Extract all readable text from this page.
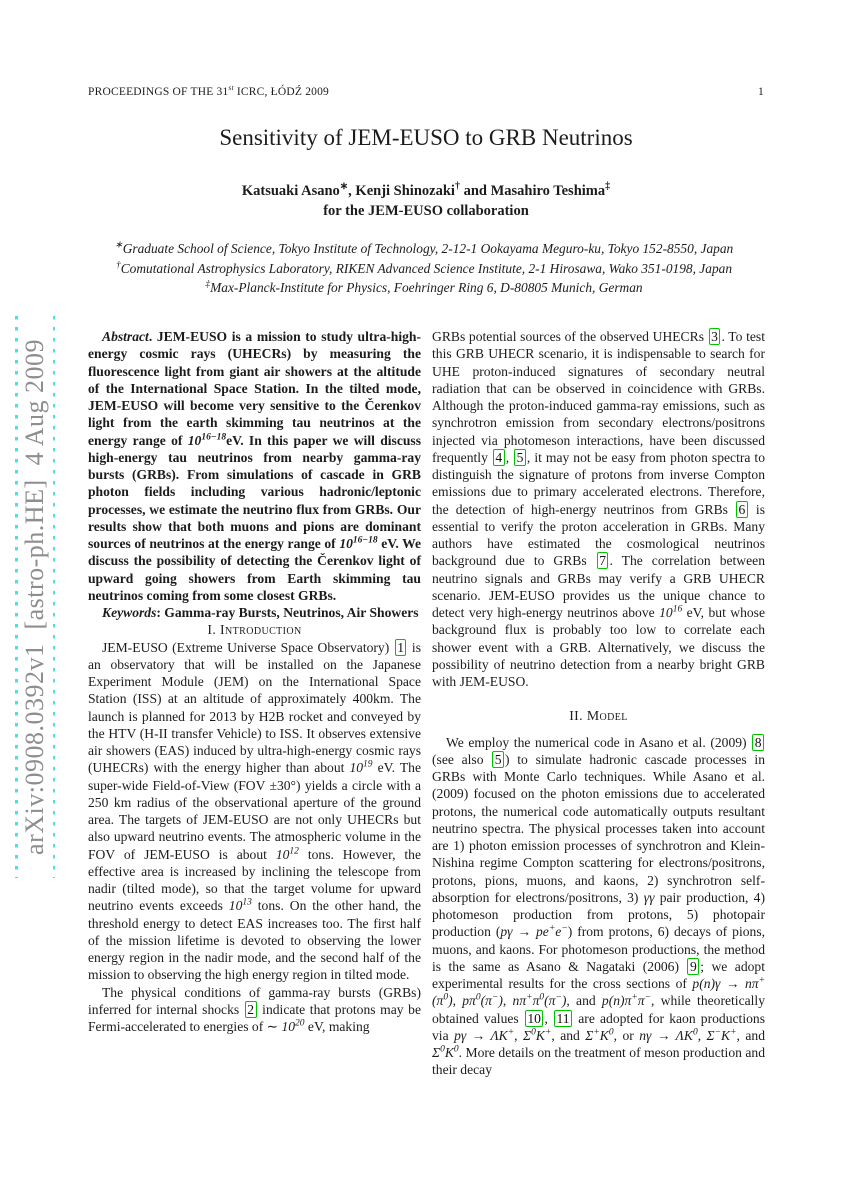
arXiv:0908.0392v1  [astro-ph.HE]  4 Aug 2009
PROCEEDINGS OF THE 31st ICRC, ŁÓDŹ 2009	1
Sensitivity of JEM-EUSO to GRB Neutrinos
Katsuaki Asano∗, Kenji Shinozaki† and Masahiro Teshima‡
for the JEM-EUSO collaboration
∗Graduate School of Science, Tokyo Institute of Technology, 2-12-1 Ookayama Meguro-ku, Tokyo 152-8550, Japan
†Comutational Astrophysics Laboratory, RIKEN Advanced Science Institute, 2-1 Hirosawa, Wako 351-0198, Japan
‡Max-Planck-Institute for Physics, Foehringer Ring 6, D-80805 Munich, German

Abstract. JEM-EUSO is a mission to study ultra-high-energy cosmic rays (UHECRs) by measuring the fluorescence light from giant air showers at the altitude of the International Space Station. In the tilted mode, JEM-EUSO will become very sensitive to the Čerenkov light from the earth skimming tau neutrinos at the energy range of $10^{16-18}eV$. In this paper we will discuss high-energy tau neutrinos from nearby gamma-ray bursts (GRBs). From simulations of cascade in GRB photon fields including various hadronic/leptonic processes, we estimate the neutrino flux from GRBs. Our results show that both muons and pions are dominant sources of neutrinos at the energy range of $10^{16-18}$ eV. We discuss the possibility of detecting the Čerenkov light of upward going showers from Earth skimming tau neutrinos coming from some closest GRBs.

Keywords: Gamma-ray Bursts, Neutrinos, Air Showers

I. Introduction

JEM-EUSO (Extreme Universe Space Observatory) 1 is an observatory that will be installed on the Japanese Experiment Module (JEM) on the International Space Station (ISS) at an altitude of approximately 400km. The launch is planned for 2013 by H2B rocket and conveyed by the HTV (H-II transfer Vehicle) to ISS. It observes extensive air showers (EAS) induced by ultra-high-energy cosmic rays (UHECRs) with the energy higher than about $10^{19}$ eV. The super-wide Field-of-View (FOV ±30°) yields a circle with a 250 km radius of the observational aperture of the ground area. The targets of JEM-EUSO are not only UHECRs but also upward neutrino events. The atmospheric volume in the FOV of JEM-EUSO is about $10^{12}$ tons. However, the effective area is increased by inclining the telescope from nadir (tilted mode), so that the target volume for upward neutrino events exceeds $10^{13}$ tons. On the other hand, the threshold energy to detect EAS increases too. The first half of the mission lifetime is devoted to observing the lower energy region in the nadir mode, and the second half of the mission to observing the high energy region in tilted mode.

The physical conditions of gamma-ray bursts (GRBs) inferred for internal shocks 2 indicate that protons may be Fermi-accelerated to energies of ∼ $10^{20}$ eV, making

GRBs potential sources of the observed UHECRs 3 . To test this GRB UHECR scenario, it is indispensable to search for UHE proton-induced signatures of secondary neutral radiation that can be observed in coincidence with GRBs. Although the proton-induced gamma-ray emissions, such as synchrotron emission from secondary electrons/positrons injected via photomeson interactions, have been discussed frequently 4 , 5 , it may not be easy from photon spectra to distinguish the signature of protons from inverse Compton emissions due to primary accelerated electrons. Therefore, the detection of high-energy neutrinos from GRBs 6 is essential to verify the proton acceleration in GRBs. Many authors have estimated the cosmological neutrinos background due to GRBs 7 . The correlation between neutrino signals and GRBs may verify a GRB UHECR scenario. JEM-EUSO provides us the unique chance to detect very high-energy neutrinos above $10^{16}$ eV, but whose background flux is probably too low to correlate each shower event with a GRB. Alternatively, we discuss the possibility of neutrino detection from a nearby bright GRB with JEM-EUSO.

II. Model

We employ the numerical code in Asano et al. (2009) 8 (see also 5 ) to simulate hadronic cascade processes in GRBs with Monte Carlo techniques. While Asano et al. (2009) focused on the photon emissions due to accelerated protons, the numerical code automatically outputs resultant neutrino spectra. The physical processes taken into account are 1) photon emission processes of synchrotron and Klein-Nishina regime Compton scattering for electrons/positrons, protons, pions, muons, and kaons, 2) synchrotron self-absorption for electrons/positrons, 3) γγ pair production, 4) photomeson production from protons, 5) photopair production (pγ → pe+e−) from protons, 6) decays of pions, muons, and kaons. For photomeson productions, the method is the same as Asano & Nagataki (2006) 9 ; we adopt experimental results for the cross sections of $p(n)\gamma \to n\pi^+(\pi^0)$, $p\pi^0(\pi^-)$, $n\pi^+\pi^0(\pi^-)$, and p(n)π+π−, while theoretically obtained values 10 , 11 are adopted for kaon productions via pγ → ΛK+, $\Sigma^0K^+$, and $\Sigma^+K^0$, or $n\gamma \to \Lambda K^0$, Σ−K+, and $\Sigma^0K^0$. More details on the treatment of meson production and their decay
